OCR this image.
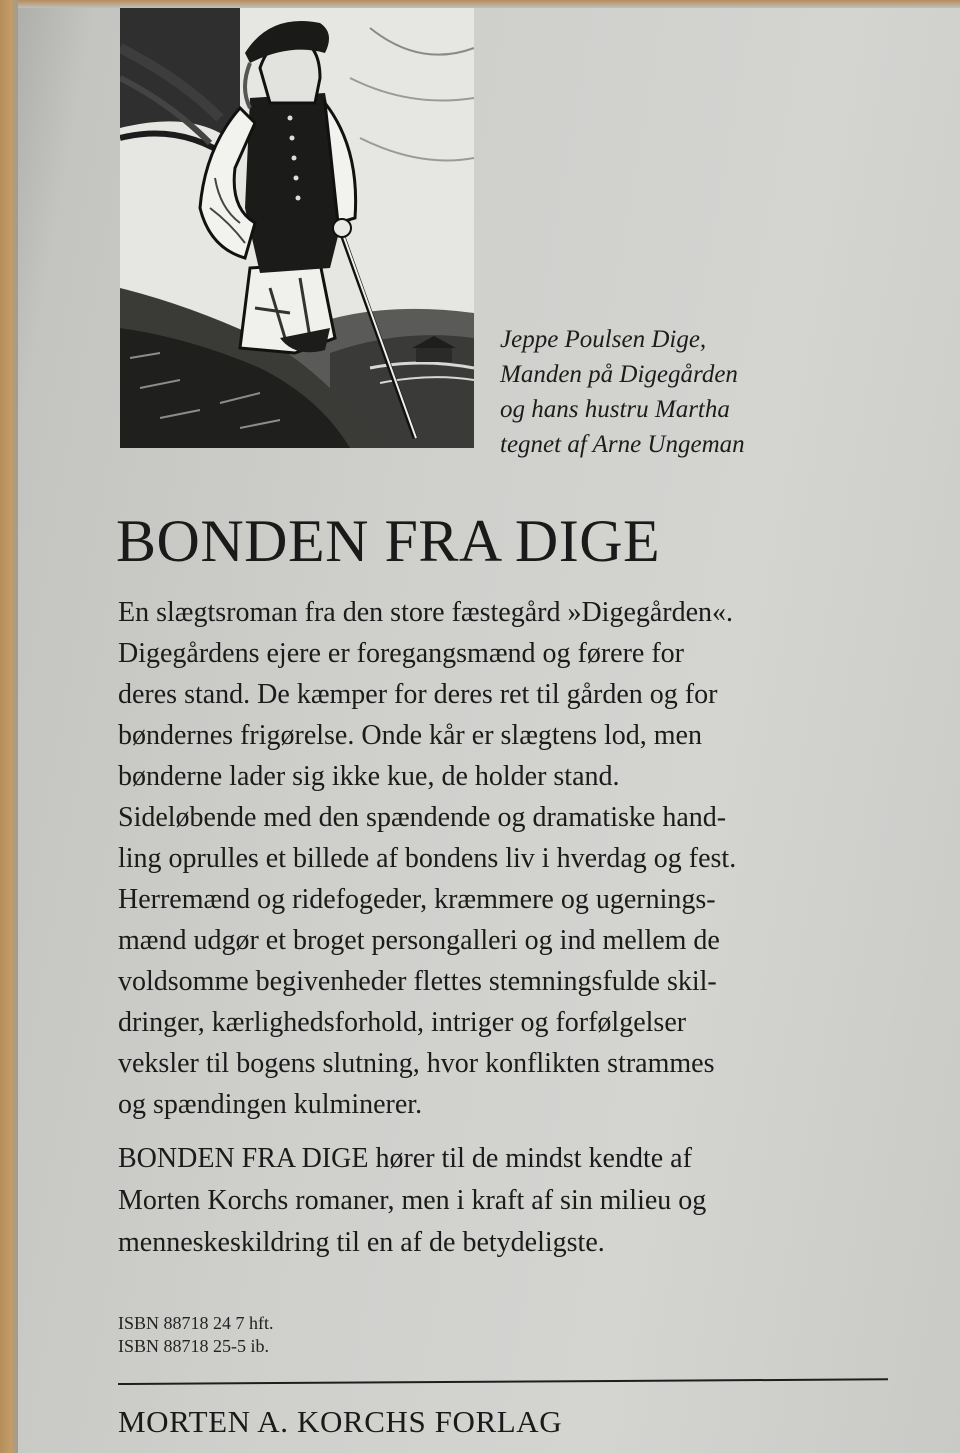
Jeppe Poulsen Dige,
Manden på Digegården
og hans hustru Martha
tegnet af Arne Ungeman
BONDEN FRA DIGE
En slægtsroman fra den store fæstegård »Digegården«.
Digegårdens ejere er foregangsmænd og førere for
deres stand. De kæmper for deres ret til gården og for
bøndernes frigørelse. Onde kår er slægtens lod, men
bønderne lader sig ikke kue, de holder stand.
Sideløbende med den spændende og dramatiske hand-
ling oprulles et billede af bondens liv i hverdag og fest.
Herremænd og ridefogeder, kræmmere og ugernings-
mænd udgør et broget persongalleri og ind mellem de
voldsomme begivenheder flettes stemningsfulde skil-
dringer, kærlighedsforhold, intriger og forfølgelser
veksler til bogens slutning, hvor konflikten strammes
og spændingen kulminerer.
BONDEN FRA DIGE hører til de mindst kendte af
Morten Korchs romaner, men i kraft af sin milieu og
menneskeskildring til en af de betydeligste.
ISBN 88718 24 7 hft.
ISBN 88718 25-5 ib.
MORTEN A. KORCHS FORLAG
